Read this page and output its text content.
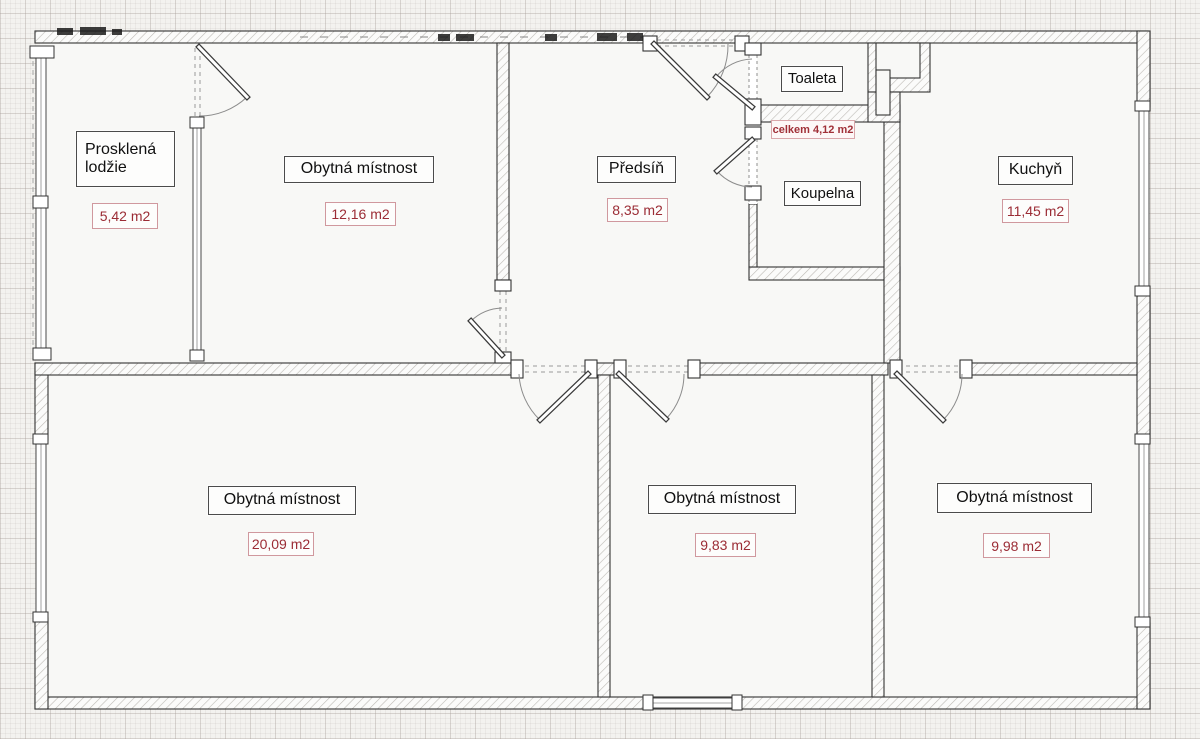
Prosklená lodžie
5,42 m2
Obytná místnost
12,16 m2
Předsíň
8,35 m2
Toaleta
celkem 4,12 m2
Koupelna
Kuchyň
11,45 m2
Obytná místnost
20,09 m2
Obytná místnost
9,83 m2
Obytná místnost
9,98 m2
